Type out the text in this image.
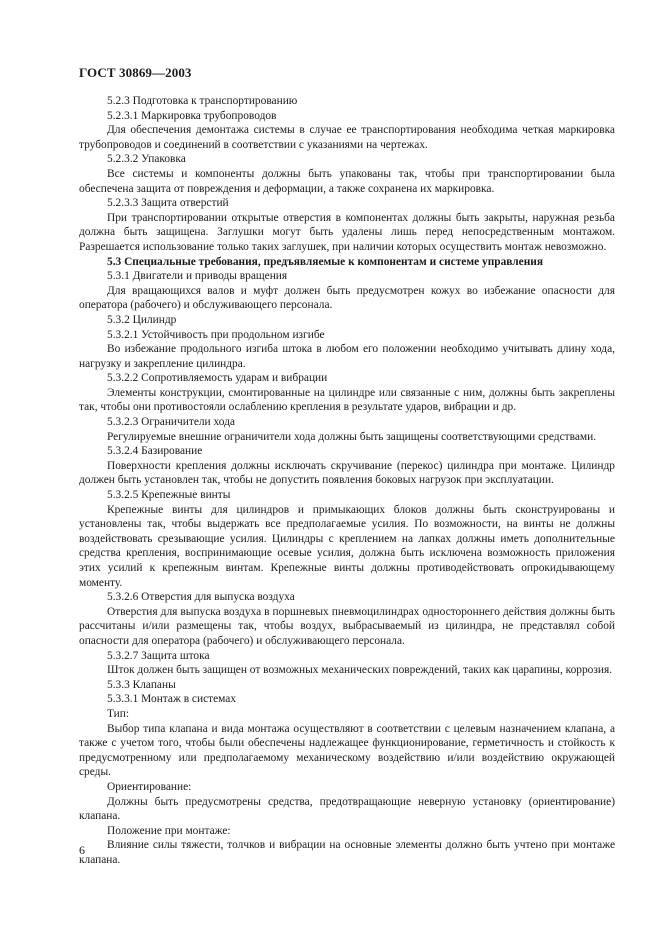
ГОСТ 30869—2003

5.2.3 Подготовка к транспортированию

5.2.3.1 Маркировка трубопроводов

Для обеспечения демонтажа системы в случае ее транспортирования необходима четкая маркировка трубопроводов и соединений в соответствии с указаниями на чертежах.

5.2.3.2 Упаковка

Все системы и компоненты должны быть упакованы так, чтобы при транспортировании была обеспечена защита от повреждения и деформации, а также сохранена их маркировка.

5.2.3.3 Защита отверстий

При транспортировании открытые отверстия в компонентах должны быть закрыты, наружная резьба должна быть защищена. Заглушки могут быть удалены лишь перед непосредственным монтажом. Разрешается использование только таких заглушек, при наличии которых осуществить монтаж невозможно.

5.3 Специальные требования, предъявляемые к компонентам и системе управления

5.3.1 Двигатели и приводы вращения

Для вращающихся валов и муфт должен быть предусмотрен кожух во избежание опасности для оператора (рабочего) и обслуживающего персонала.

5.3.2 Цилиндр

5.3.2.1 Устойчивость при продольном изгибе

Во избежание продольного изгиба штока в любом его положении необходимо учитывать длину хода, нагрузку и закрепление цилиндра.

5.3.2.2 Сопротивляемость ударам и вибрации

Элементы конструкции, смонтированные на цилиндре или связанные с ним, должны быть закреплены так, чтобы они противостояли ослаблению крепления в результате ударов, вибрации и др.

5.3.2.3 Ограничители хода

Регулируемые внешние ограничители хода должны быть защищены соответствующими средствами.

5.3.2.4 Базирование

Поверхности крепления должны исключать скручивание (перекос) цилиндра при монтаже. Цилиндр должен быть установлен так, чтобы не допустить появления боковых нагрузок при эксплуатации.

5.3.2.5 Крепежные винты

Крепежные винты для цилиндров и примыкающих блоков должны быть сконструированы и установлены так, чтобы выдержать все предполагаемые усилия. По возможности, на винты не должны воздействовать срезывающие усилия. Цилиндры с креплением на лапках должны иметь дополнительные средства крепления, воспринимающие осевые усилия, должна быть исключена возможность приложения этих усилий к крепежным винтам. Крепежные винты должны противодействовать опрокидывающему моменту.

5.3.2.6 Отверстия для выпуска воздуха

Отверстия для выпуска воздуха в поршневых пневмоцилиндрах одностороннего действия должны быть рассчитаны и/или размещены так, чтобы воздух, выбрасываемый из цилиндра, не представлял собой опасности для оператора (рабочего) и обслуживающего персонала.

5.3.2.7 Защита штока

Шток должен быть защищен от возможных механических повреждений, таких как царапины, коррозия.

5.3.3 Клапаны

5.3.3.1 Монтаж в системах

Тип:

Выбор типа клапана и вида монтажа осуществляют в соответствии с целевым назначением клапана, а также с учетом того, чтобы были обеспечены надлежащее функционирование, герметичность и стойкость к предусмотренному или предполагаемому механическому воздействию и/или воздействию окружающей среды.

Ориентирование:

Должны быть предусмотрены средства, предотвращающие неверную установку (ориентирование) клапана.

Положение при монтаже:

Влияние силы тяжести, толчков и вибрации на основные элементы должно быть учтено при монтаже клапана.

6
